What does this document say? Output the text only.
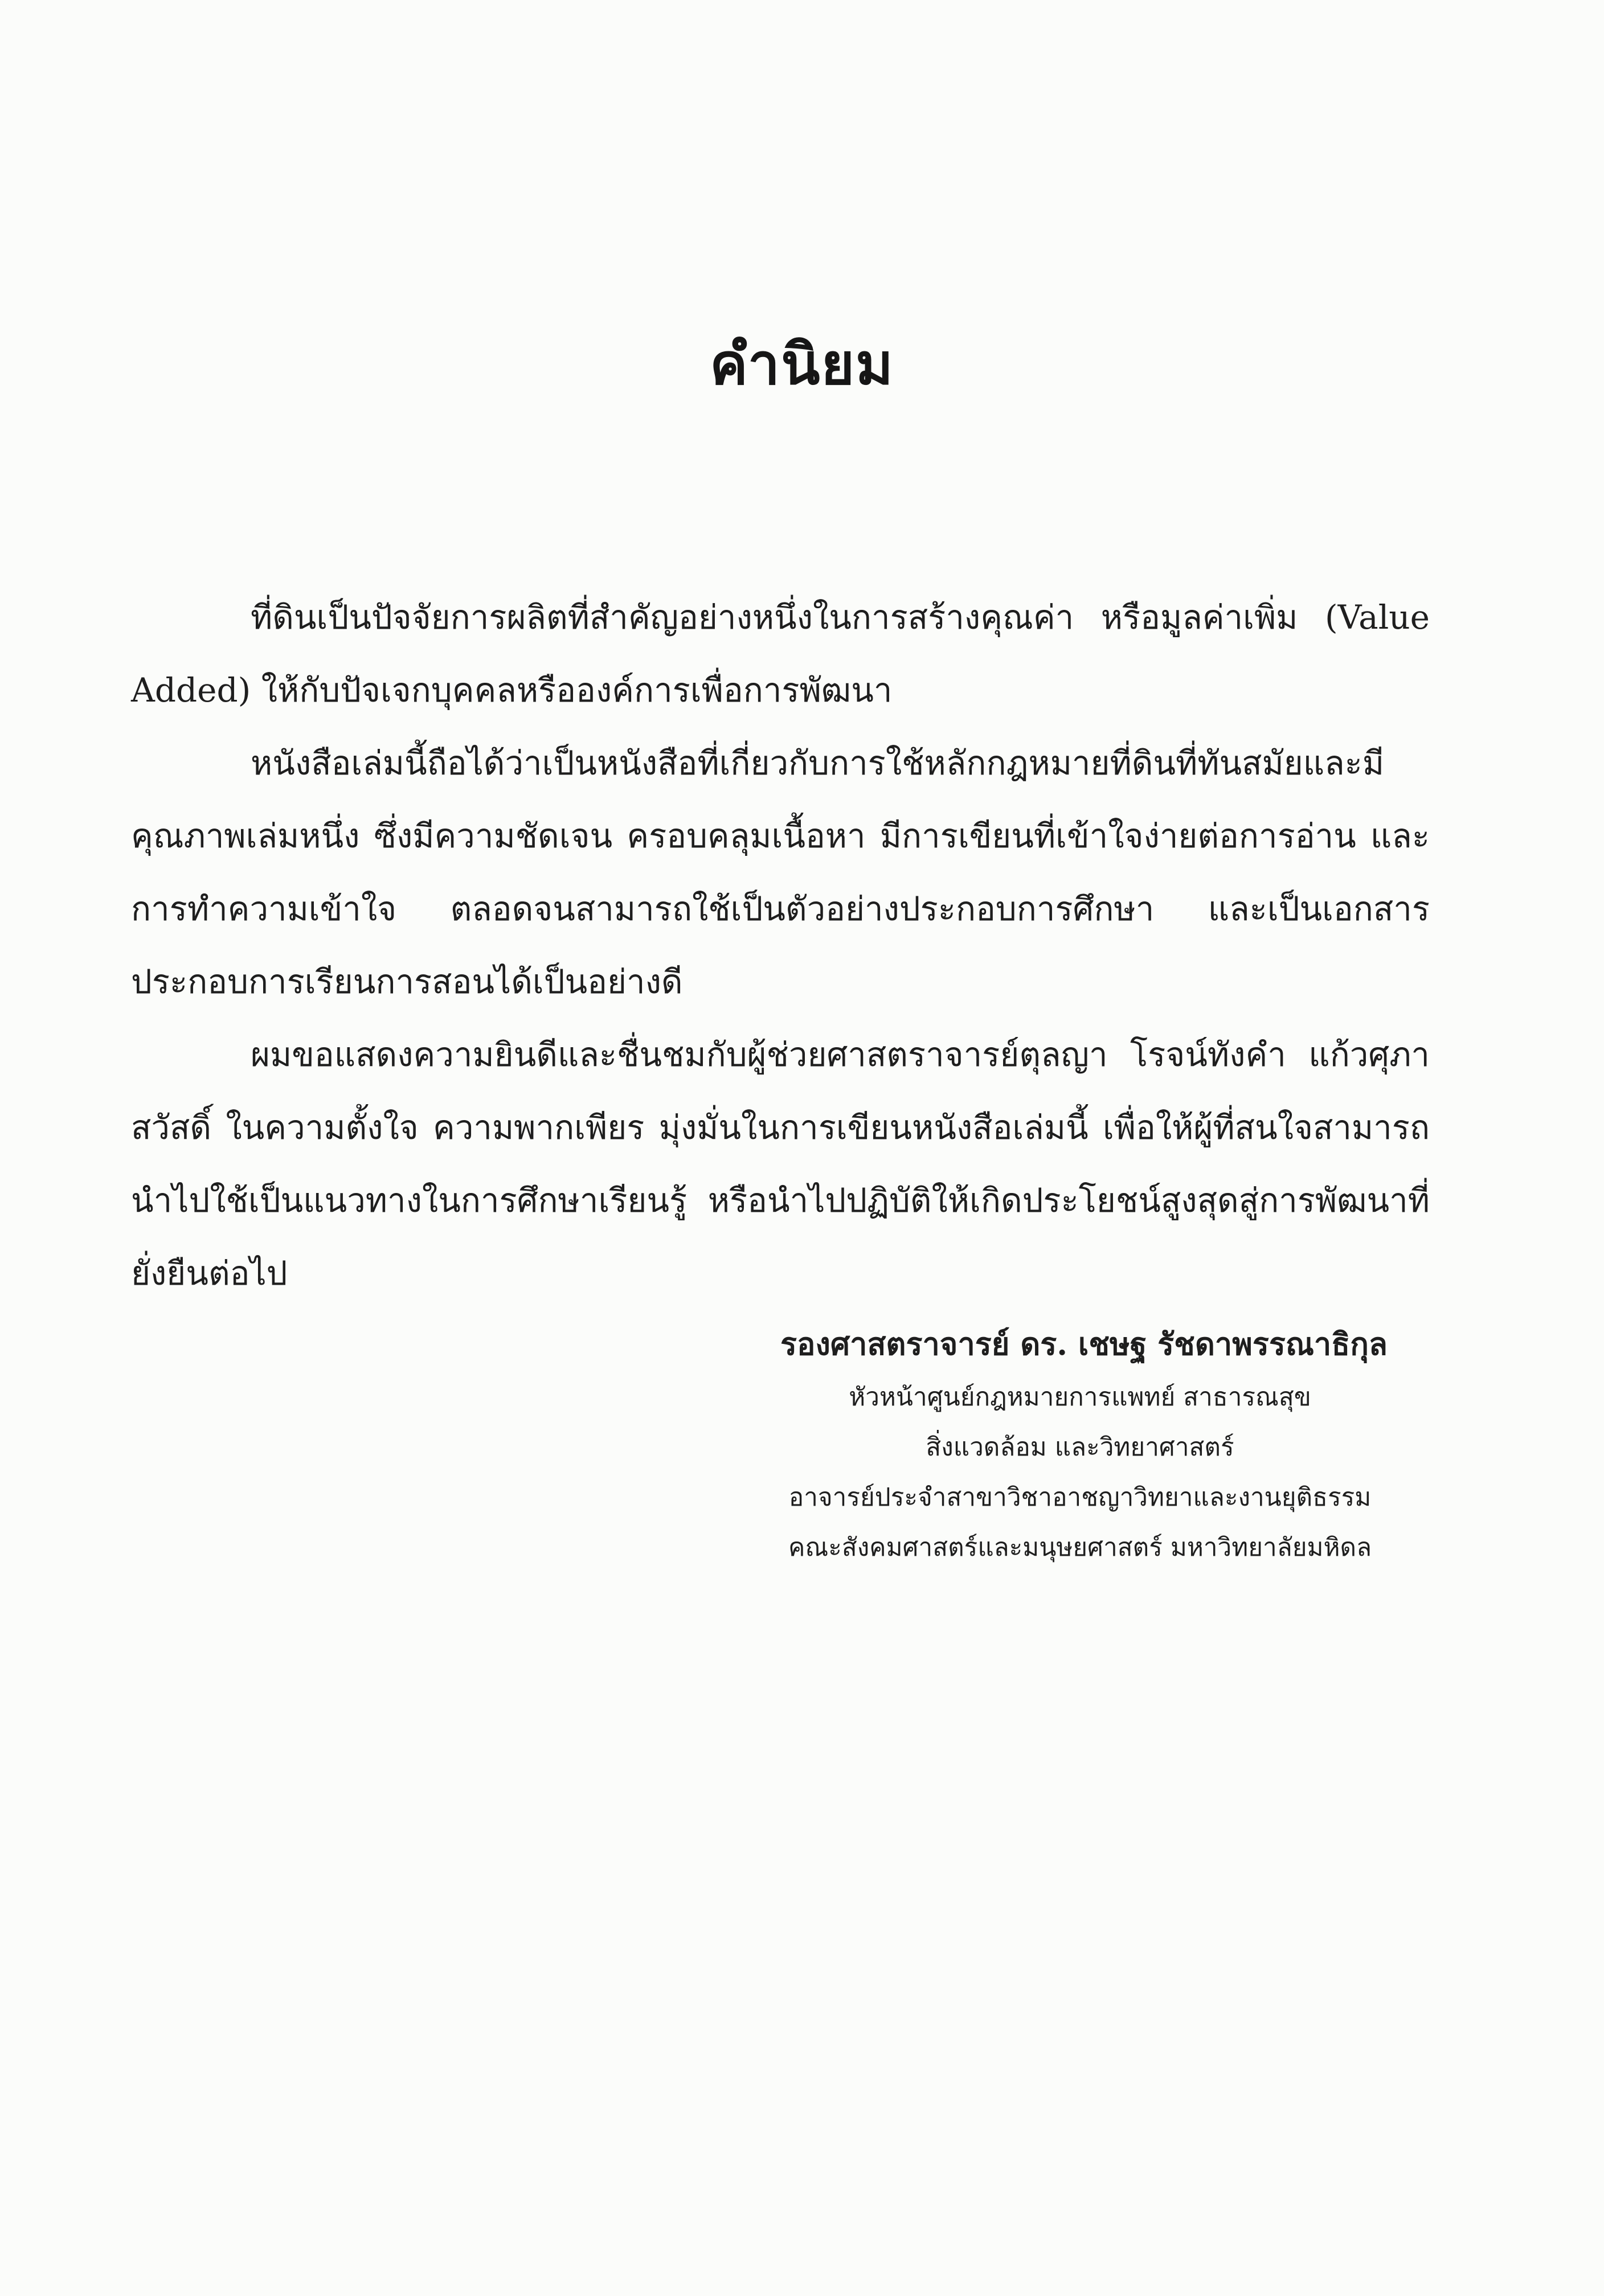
คำนิยม

ที่ดินเป็นปัจจัยการผลิตที่สำคัญอย่างหนึ่งในการสร้างคุณค่า หรือมูลค่าเพิ่ม (Value Added) ให้กับปัจเจกบุคคลหรือองค์การเพื่อการพัฒนา

หนังสือเล่มนี้ถือได้ว่าเป็นหนังสือที่เกี่ยวกับการใช้หลักกฎหมายที่ดินที่ทันสมัยและมีคุณภาพเล่มหนึ่ง ซึ่งมีความชัดเจน ครอบคลุมเนื้อหา มีการเขียนที่เข้าใจง่ายต่อการอ่าน และการทำความเข้าใจ ตลอดจนสามารถใช้เป็นตัวอย่างประกอบการศึกษา และเป็นเอกสารประกอบการเรียนการสอนได้เป็นอย่างดี

ผมขอแสดงความยินดีและชื่นชมกับผู้ช่วยศาสตราจารย์ตุลญา โรจน์ทังคำ แก้วศุภาสวัสดิ์ ในความตั้งใจ ความพากเพียร มุ่งมั่นในการเขียนหนังสือเล่มนี้ เพื่อให้ผู้ที่สนใจสามารถนำไปใช้เป็นแนวทางในการศึกษาเรียนรู้ หรือนำไปปฏิบัติให้เกิดประโยชน์สูงสุดสู่การพัฒนาที่ยั่งยืนต่อไป

รองศาสตราจารย์ ดร. เชษฐ รัชดาพรรณาธิกุล

หัวหน้าศูนย์กฎหมายการแพทย์ สาธารณสุข

สิ่งแวดล้อม และวิทยาศาสตร์

อาจารย์ประจำสาขาวิชาอาชญาวิทยาและงานยุติธรรม

คณะสังคมศาสตร์และมนุษยศาสตร์ มหาวิทยาลัยมหิดล
